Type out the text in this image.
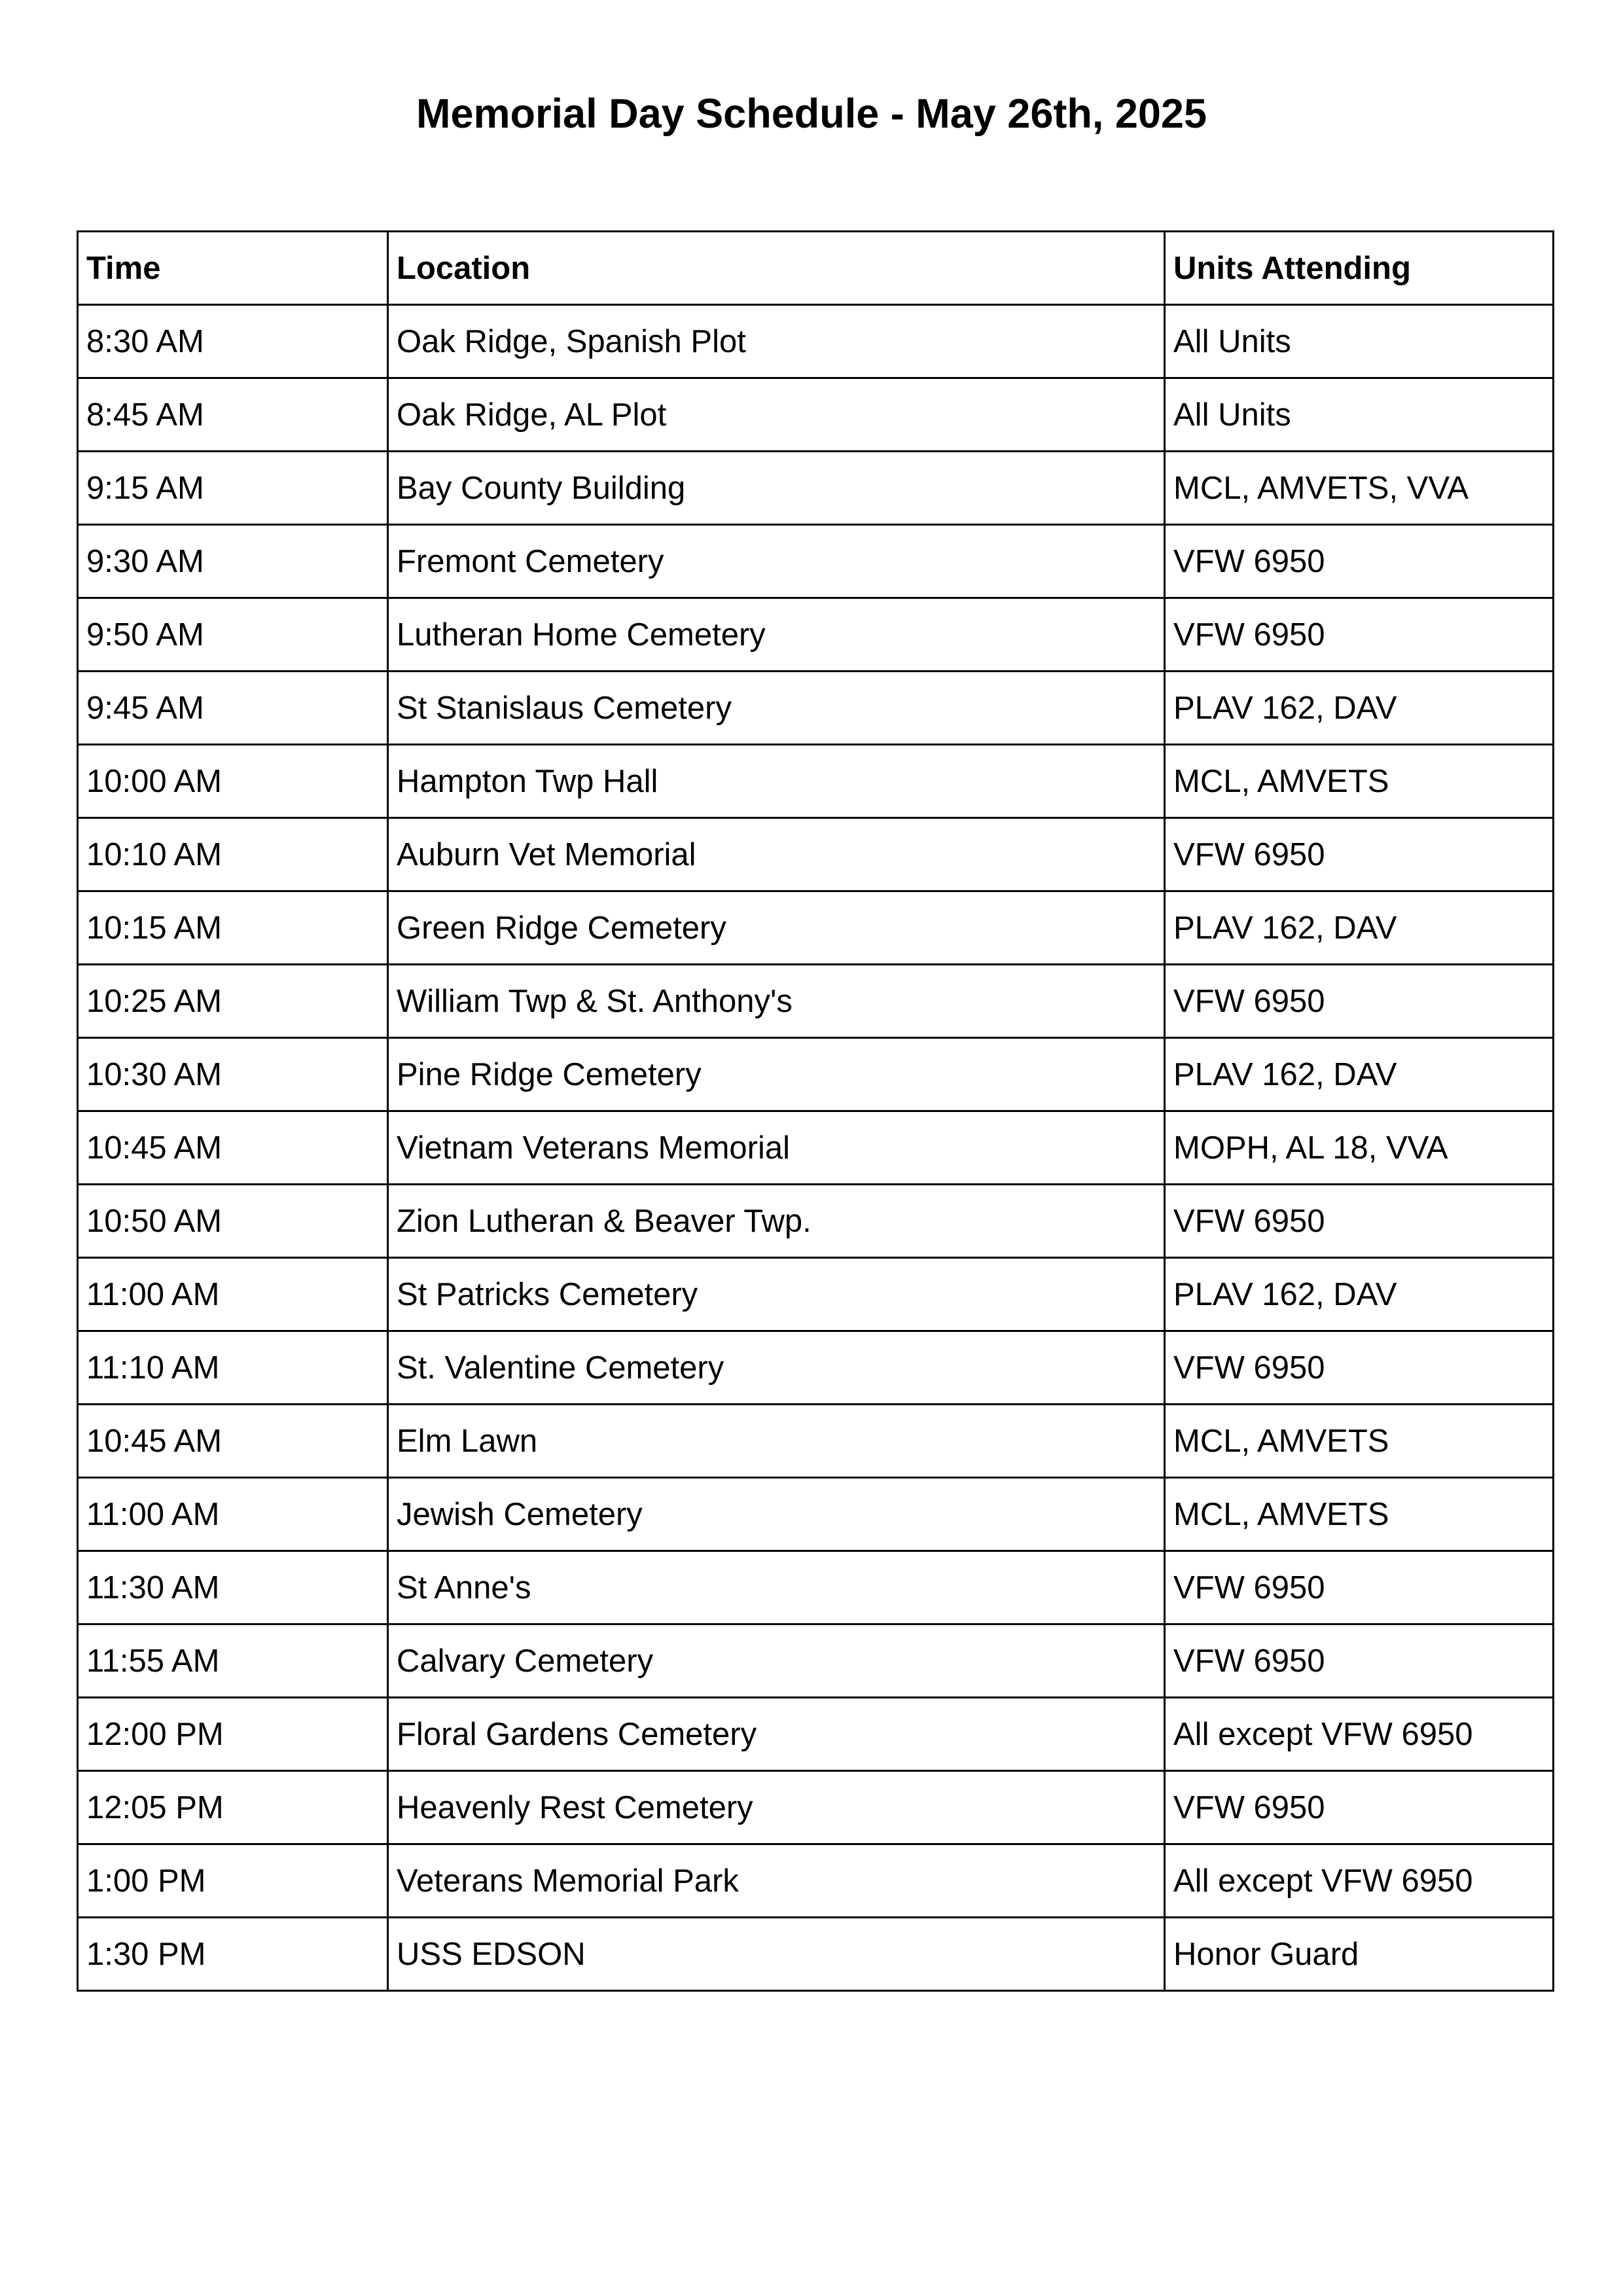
Memorial Day Schedule - May 26th, 2025
Time	Location	Units Attending
8:30 AM	Oak Ridge, Spanish Plot	All Units
8:45 AM	Oak Ridge, AL Plot	All Units
9:15 AM	Bay County Building	MCL, AMVETS, VVA
9:30 AM	Fremont Cemetery	VFW 6950
9:50 AM	Lutheran Home Cemetery	VFW 6950
9:45 AM	St Stanislaus Cemetery	PLAV 162, DAV
10:00 AM	Hampton Twp Hall	MCL, AMVETS
10:10 AM	Auburn Vet Memorial	VFW 6950
10:15 AM	Green Ridge Cemetery	PLAV 162, DAV
10:25 AM	William Twp & St. Anthony's	VFW 6950
10:30 AM	Pine Ridge Cemetery	PLAV 162, DAV
10:45 AM	Vietnam Veterans Memorial	MOPH, AL 18, VVA
10:50 AM	Zion Lutheran & Beaver Twp.	VFW 6950
11:00 AM	St Patricks Cemetery	PLAV 162, DAV
11:10 AM	St. Valentine Cemetery	VFW 6950
10:45 AM	Elm Lawn	MCL, AMVETS
11:00 AM	Jewish Cemetery	MCL, AMVETS
11:30 AM	St Anne's	VFW 6950
11:55 AM	Calvary Cemetery	VFW 6950
12:00 PM	Floral Gardens Cemetery	All except VFW 6950
12:05 PM	Heavenly Rest Cemetery	VFW 6950
1:00 PM	Veterans Memorial Park	All except VFW 6950
1:30 PM	USS EDSON	Honor Guard
